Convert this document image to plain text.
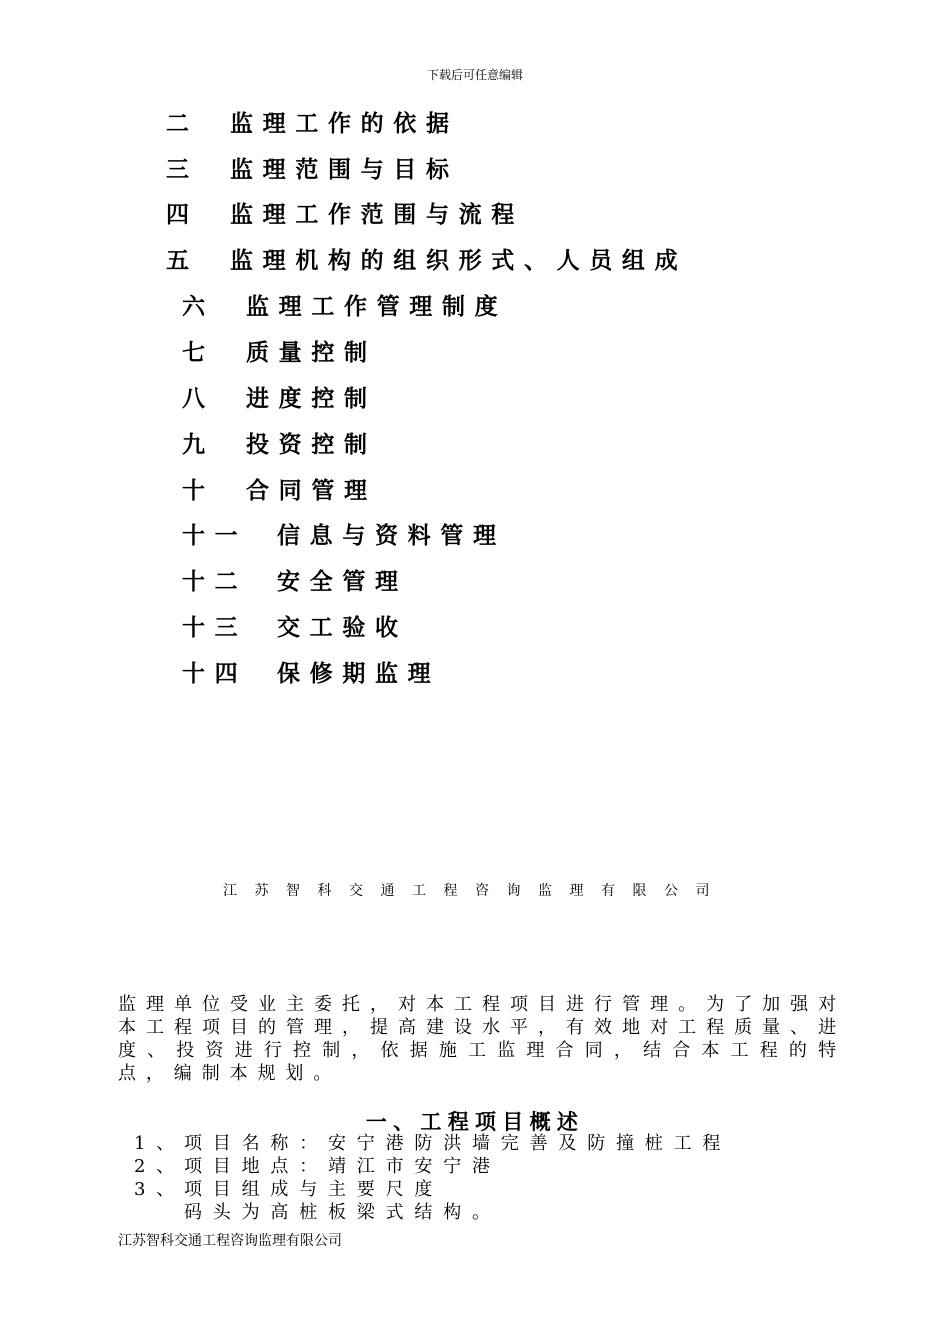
下载后可任意编辑
二 监理工作的依据
三 监理范围与目标
四 监理工作范围与流程
五 监理机构的组织形式、人员组成
六 监理工作管理制度
七 质量控制
八 进度控制
九 投资控制
十 合同管理
十一 信息与资料管理
十二 安全管理
十三 交工验收
十四 保修期监理
江苏智科交通工程咨询监理有限公司
监理单位受业主委托，对本工程项目进行管理。为了加强对本工程项目的管理，提高建设水平，有效地对工程质量、进度、投资进行控制，依据施工监理合同，结合本工程的特点，编制本规划。
一、工程项目概述
1、
项目名称：安宁港防洪墙完善及防撞桩工程
2、
项目地点：靖江市安宁港
3、
项目组成与主要尺度
码头为高桩板梁式结构。
江苏智科交通工程咨询监理有限公司
